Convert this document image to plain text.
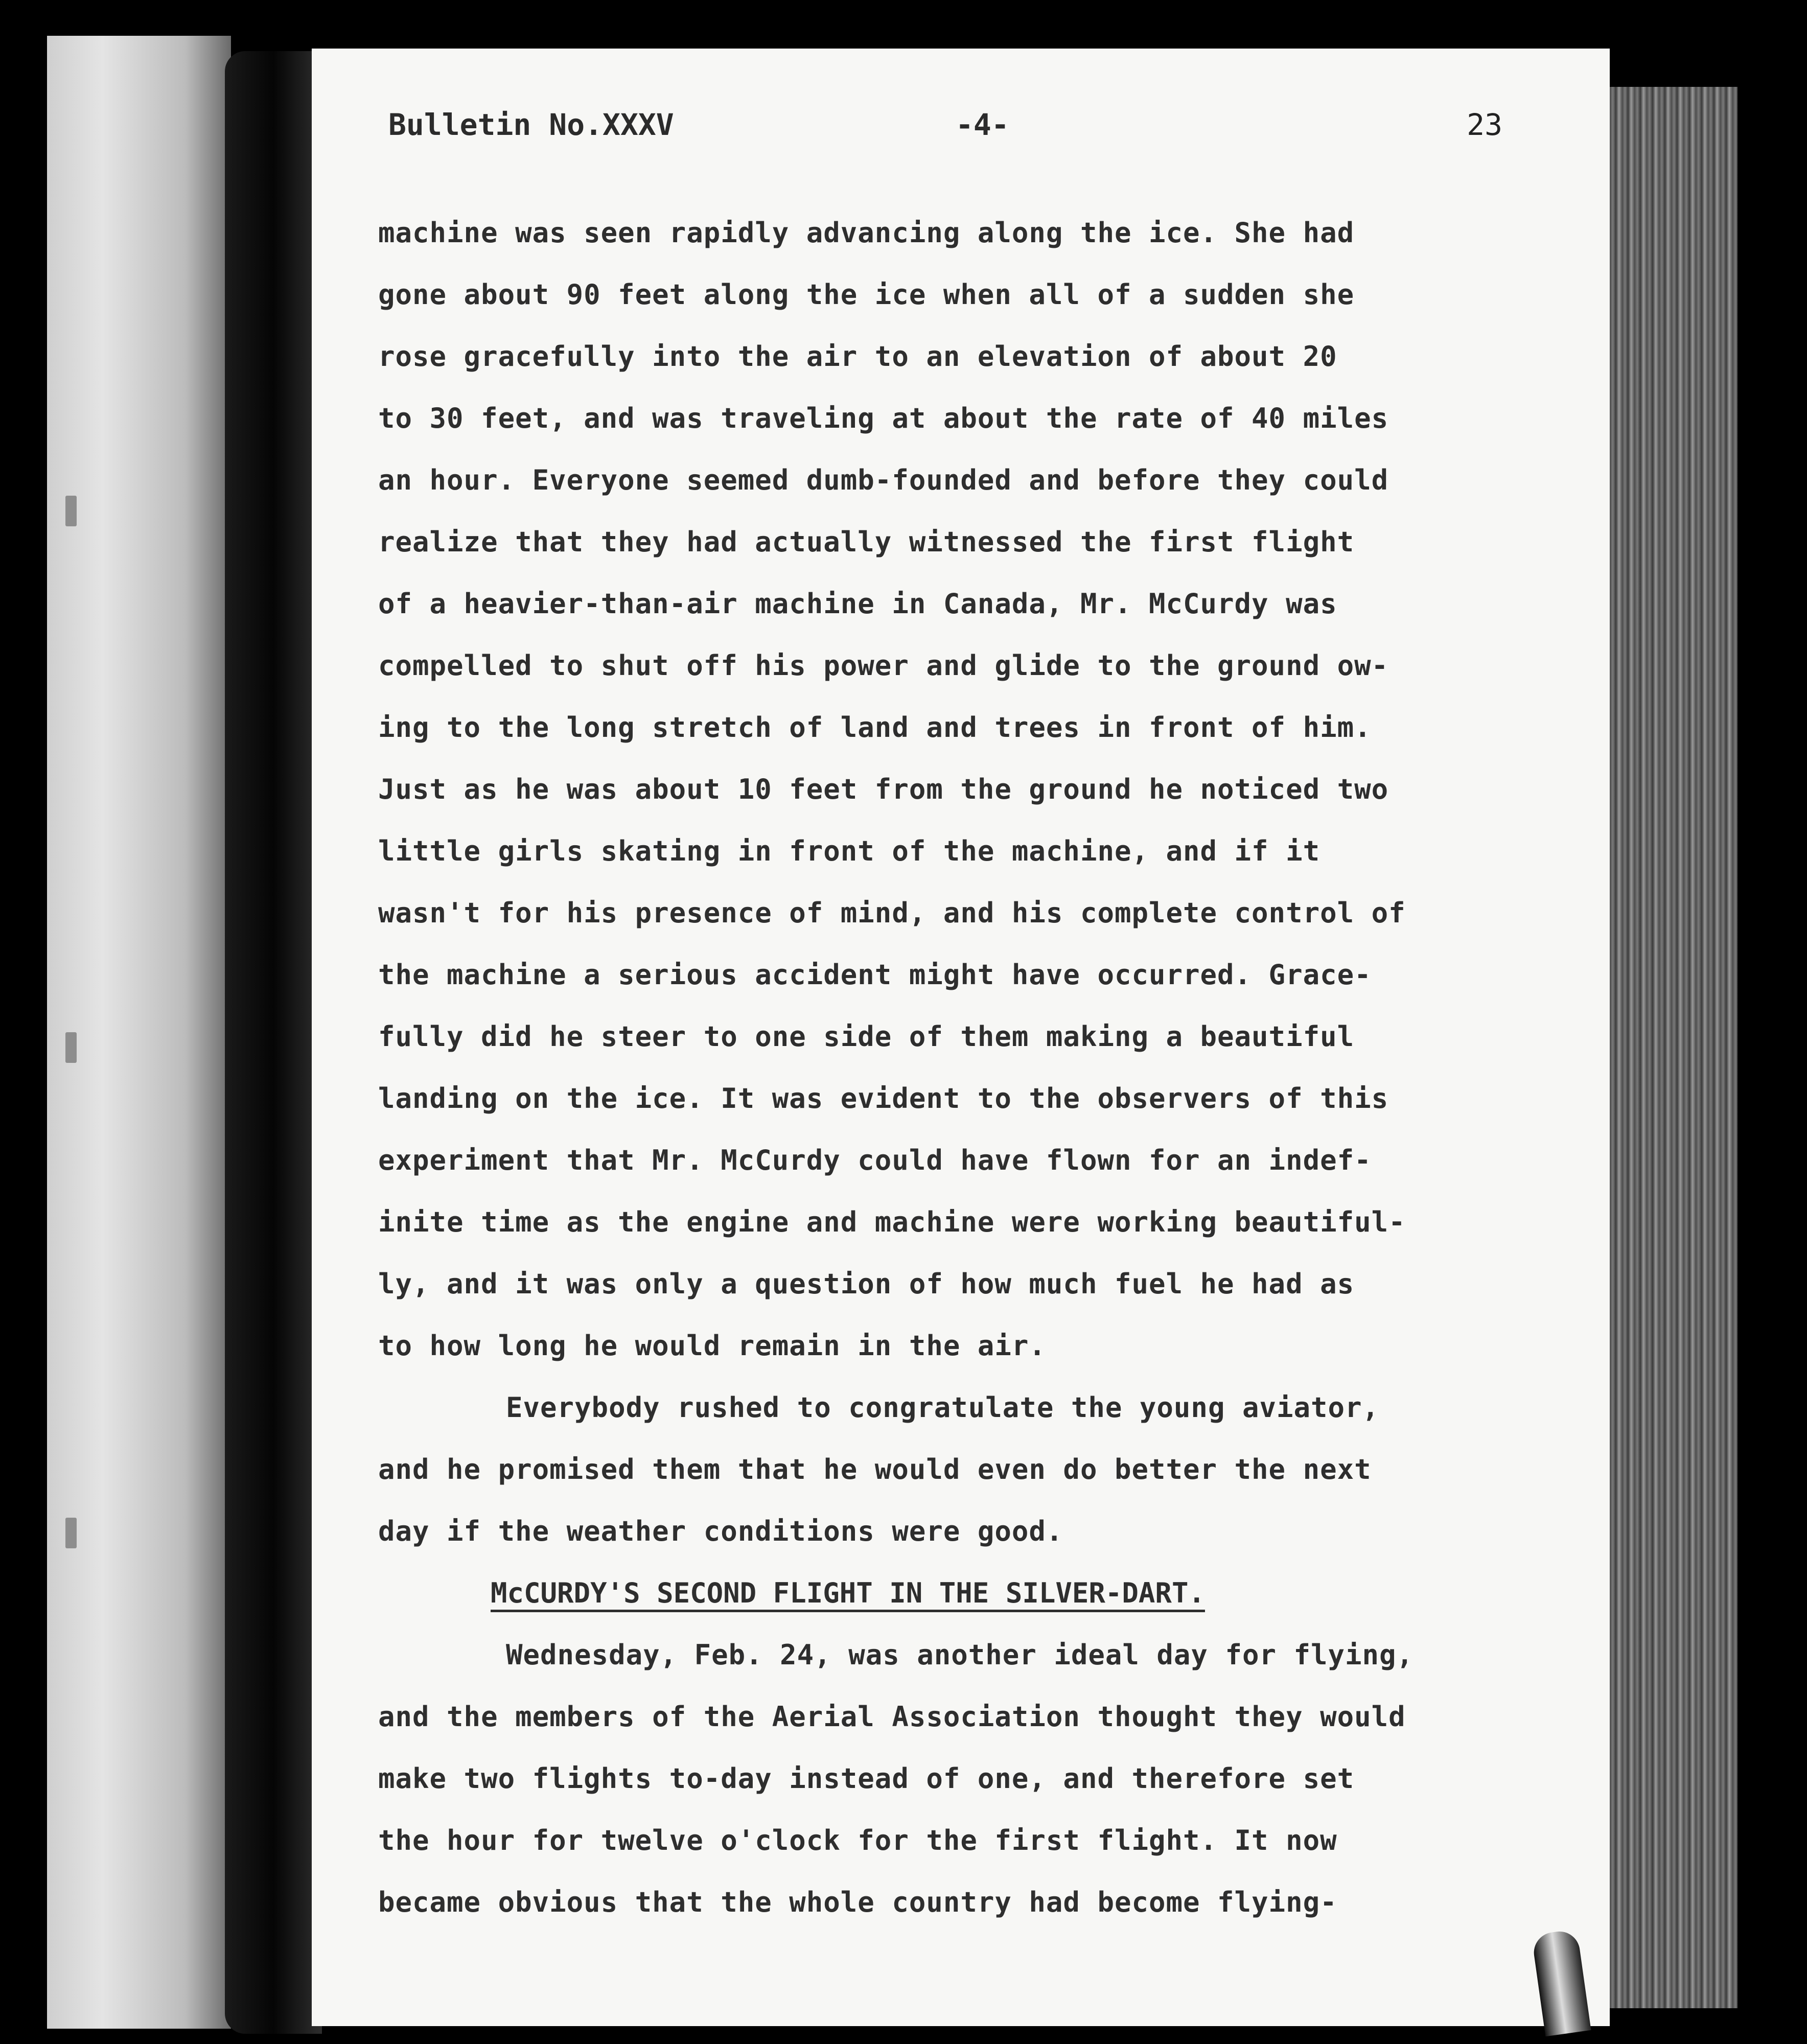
Bulletin No.XXXV	-4-	23
machine was seen rapidly advancing along the ice. She had
gone about 90 feet along the ice when all of a sudden she
rose gracefully into the air to an elevation of about 20
to 30 feet, and was traveling at about the rate of 40 miles
an hour. Everyone seemed dumb-founded and before they could
realize that they had actually witnessed the first flight
of a heavier-than-air machine in Canada, Mr. McCurdy was
compelled to shut off his power and glide to the ground ow-
ing to the long stretch of land and trees in front of him.
Just as he was about 10 feet from the ground he noticed two
little girls skating in front of the machine, and if it
wasn't for his presence of mind, and his complete control of
the machine a serious accident might have occurred. Grace-
fully did he steer to one side of them making a beautiful
landing on the ice. It was evident to the observers of this
experiment that Mr. McCurdy could have flown for an indef-
inite time as the engine and machine were working beautiful-
ly, and it was only a question of how much fuel he had as
to how long he would remain in the air.
Everybody rushed to congratulate the young aviator,
and he promised them that he would even do better the next
day if the weather conditions were good.
McCURDY'S SECOND FLIGHT IN THE SILVER-DART.
Wednesday, Feb. 24, was another ideal day for flying,
and the members of the Aerial Association thought they would
make two flights to-day instead of one, and therefore set
the hour for twelve o'clock for the first flight. It now
became obvious that the whole country had become flying-
